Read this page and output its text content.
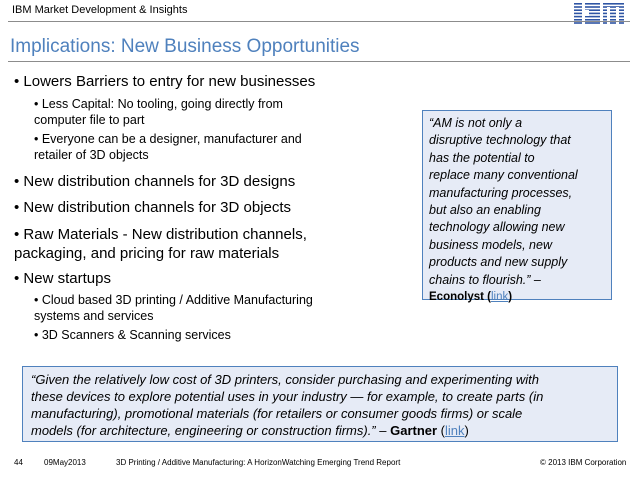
IBM Market Development & Insights
IBM
Implications: New Business Opportunities
• Lowers Barriers to entry for new businesses
• Less Capital: No tooling, going directly from
computer file to part
• Everyone can be a designer, manufacturer and
retailer of 3D objects
• New distribution channels for 3D designs
• New distribution channels for 3D objects
• Raw Materials - New distribution channels,
packaging, and pricing for raw materials
• New startups
• Cloud based 3D printing / Additive Manufacturing
systems and services
• 3D Scanners & Scanning services
“AM is not only a
disruptive technology that
has the potential to
replace many conventional
manufacturing processes,
but also an enabling
technology allowing new
business models, new
products and new supply
chains to flourish.” –
Econolyst (link)
“Given the relatively low cost of 3D printers, consider purchasing and experimenting with
these devices to explore potential uses in your industry — for example, to create parts (in
manufacturing), promotional materials (for retailers or consumer goods firms) or scale
models (for architecture, engineering or construction firms).” – Gartner (link)
44	09May2013	3D Printing / Additive Manufacturing: A HorizonWatching Emerging Trend Report	© 2013 IBM Corporation
